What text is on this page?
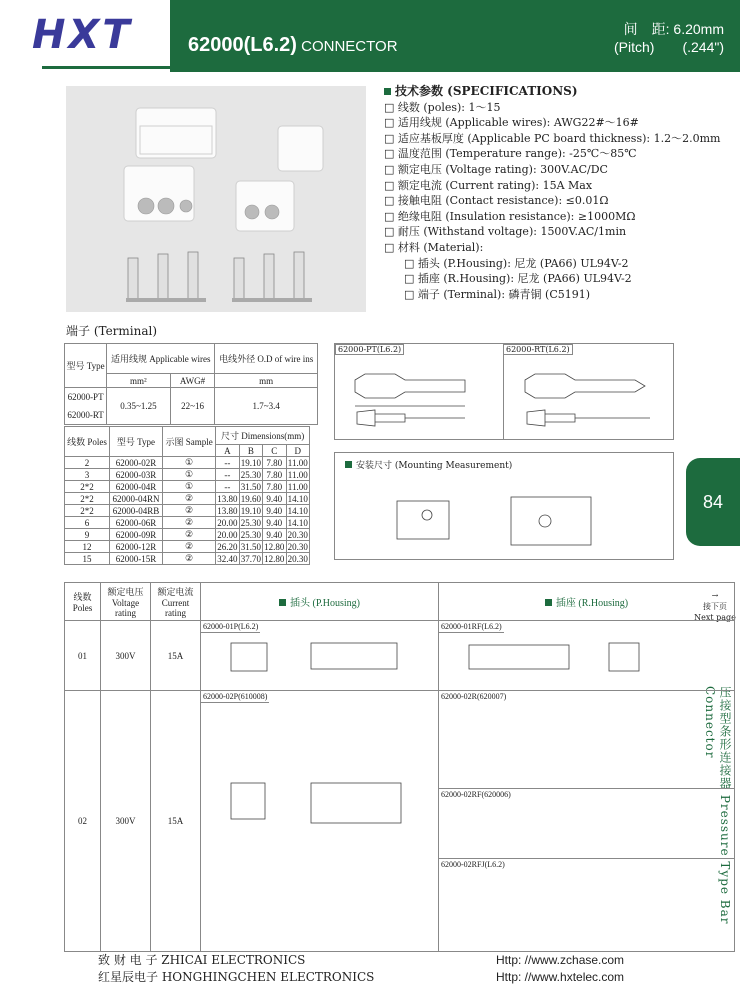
HXT	62000(L6.2) CONNECTOR
间　距: 6.20mm
(Pitch)　　(.244")
技术参数 (SPECIFICATIONS)
□ 线数 (poles): 1～15
□ 适用线规 (Applicable wires): AWG22#～16#
□ 适应基板厚度 (Applicable PC board thickness): 1.2～2.0mm
□ 温度范围 (Temperature range): -25℃～85℃
□ 额定电压 (Voltage rating): 300V.AC/DC
□ 额定电流 (Current rating): 15A Max
□ 接触电阻 (Contact resistance): ≤0.01Ω
□ 绝缘电阻 (Insulation resistance): ≥1000MΩ
□ 耐压 (Withstand voltage): 1500V.AC/1min
□ 材料 (Material):
□ 插头 (P.Housing): 尼龙 (PA66) UL94V-2
□ 插座 (R.Housing): 尼龙 (PA66) UL94V-2
□ 端子 (Terminal): 磷青铜 (C5191)
端子 (Terminal)
型号 Type	适用线规 Applicable wires		电线外径 O.D of wire ins
	mm²	AWG#	mm

62000-PT
62000-RT	0.35~1.25	22~16	1.7~3.4
线数 Poles	型号 Type	示图 Sample	尺寸 Dimensions(mm)			
			A	B	C	D
2	62000-02R	①	--	19.10	7.80	11.00
3	62000-03R	①	--	25.30	7.80	11.00
2*2	62000-04R	①	--	31.50	7.80	11.00
2*2	62000-04RN	②	13.80	19.60	9.40	14.10
2*2	62000-04RB	②	13.80	19.10	9.40	14.10
6	62000-06R	②	20.00	25.30	9.40	14.10
9	62000-09R	②	20.00	25.30	9.40	20.30
12	62000-12R	②	26.20	31.50	12.80	20.30
15	62000-15R	②	32.40	37.70	12.80	20.30
62000-PT(L6.2)	62000-RT(L6.2)
安装尺寸 (Mounting Measurement)
84
→
接下页
Next page
压接型条形连接器 Pressure Type Bar Connector
线数 Poles	额定电压 Voltage rating	额定电流 Current rating	插头 (P.Housing)	插座 (R.Housing)
01	300V	15A	62000-01P(L6.2)	62000-01RF(L6.2)
02	300V	15A	62000-02P(610008)	62000-02R(620007)
62000-02RF(620006)
62000-02RFJ(L6.2)
致 财 电 子 ZHICAI ELECTRONICS
红星辰电子 HONGHINGCHEN ELECTRONICS
Http: //www.zchase.com
Http: //www.hxtelec.com
